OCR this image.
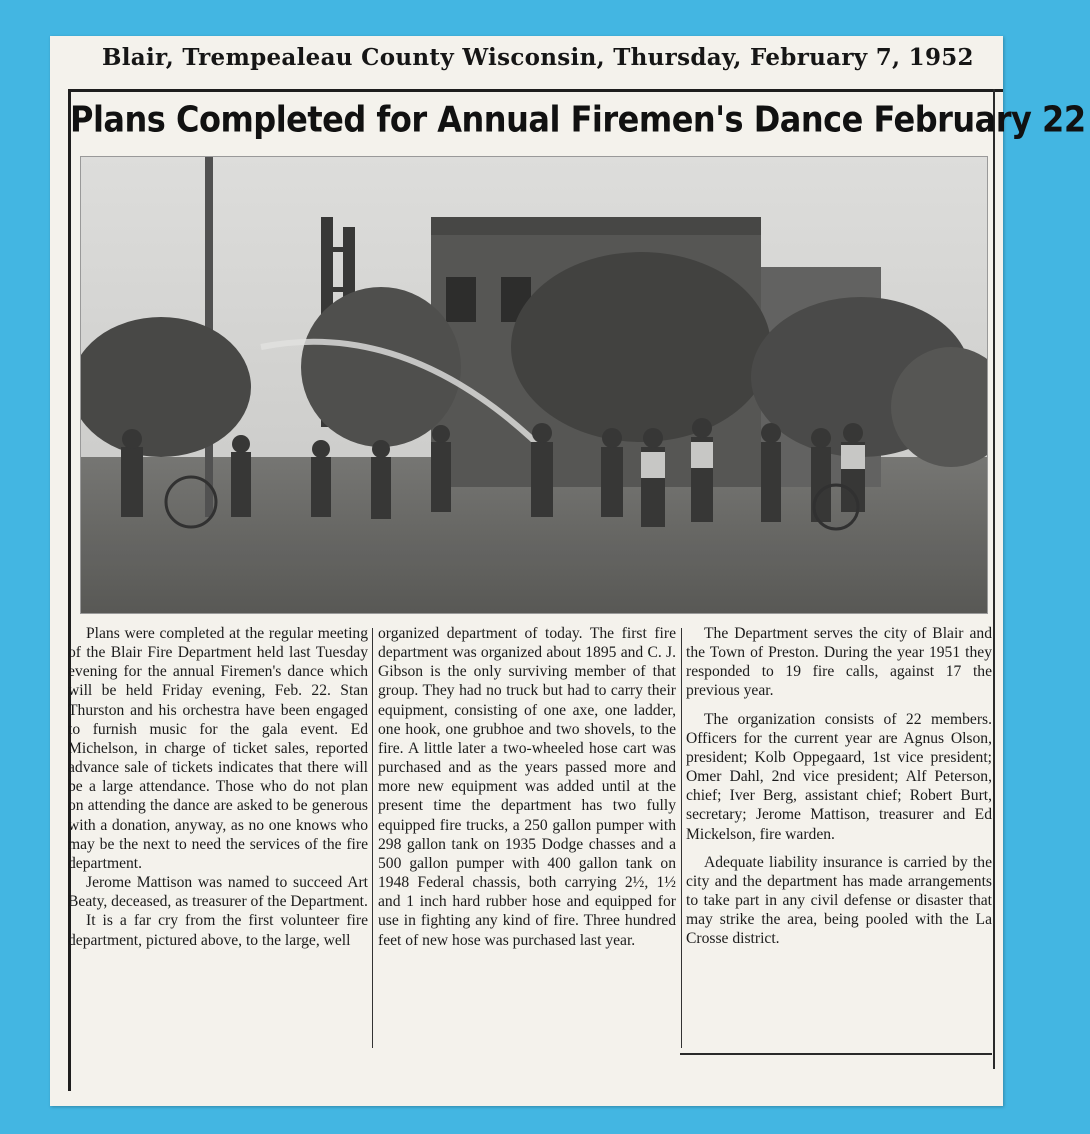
Blair, Trempealeau County Wisconsin, Thursday, February 7, 1952
Plans Completed for Annual Firemen's Dance February 22

Plans were completed at the regular meeting of the Blair Fire Department held last Tuesday evening for the annual Firemen's dance which will be held Friday evening, Feb. 22. Stan Thurston and his orchestra have been engaged to furnish music for the gala event. Ed Michelson, in charge of ticket sales, reported advance sale of tickets indicates that there will be a large attendance. Those who do not plan on attending the dance are asked to be generous with a donation, anyway, as no one knows who may be the next to need the services of the fire department.

Jerome Mattison was named to succeed Art Beaty, deceased, as treasurer of the Department.

It is a far cry from the first volunteer fire department, pictured above, to the large, well

organized department of today. The first fire department was organized about 1895 and C. J. Gibson is the only surviving member of that group. They had no truck but had to carry their equipment, consisting of one axe, one ladder, one hook, one grubhoe and two shovels, to the fire. A little later a two-wheeled hose cart was purchased and as the years passed more and more new equipment was added until at the present time the department has two fully equipped fire trucks, a 250 gallon pumper with 298 gallon tank on 1935 Dodge chasses and a 500 gallon pumper with 400 gallon tank on 1948 Federal chassis, both carrying 2½, 1½ and 1 inch hard rubber hose and equipped for use in fighting any kind of fire. Three hundred feet of new hose was purchased last year.

The Department serves the city of Blair and the Town of Preston. During the year 1951 they responded to 19 fire calls, against 17 the previous year.

The organization consists of 22 members. Officers for the current year are Agnus Olson, president; Kolb Oppegaard, 1st vice president; Omer Dahl, 2nd vice president; Alf Peterson, chief; Iver Berg, assistant chief; Robert Burt, secretary; Jerome Mattison, treasurer and Ed Mickelson, fire warden.

Adequate liability insurance is carried by the city and the department has made arrangements to take part in any civil defense or disaster that may strike the area, being pooled with the La Crosse district.
